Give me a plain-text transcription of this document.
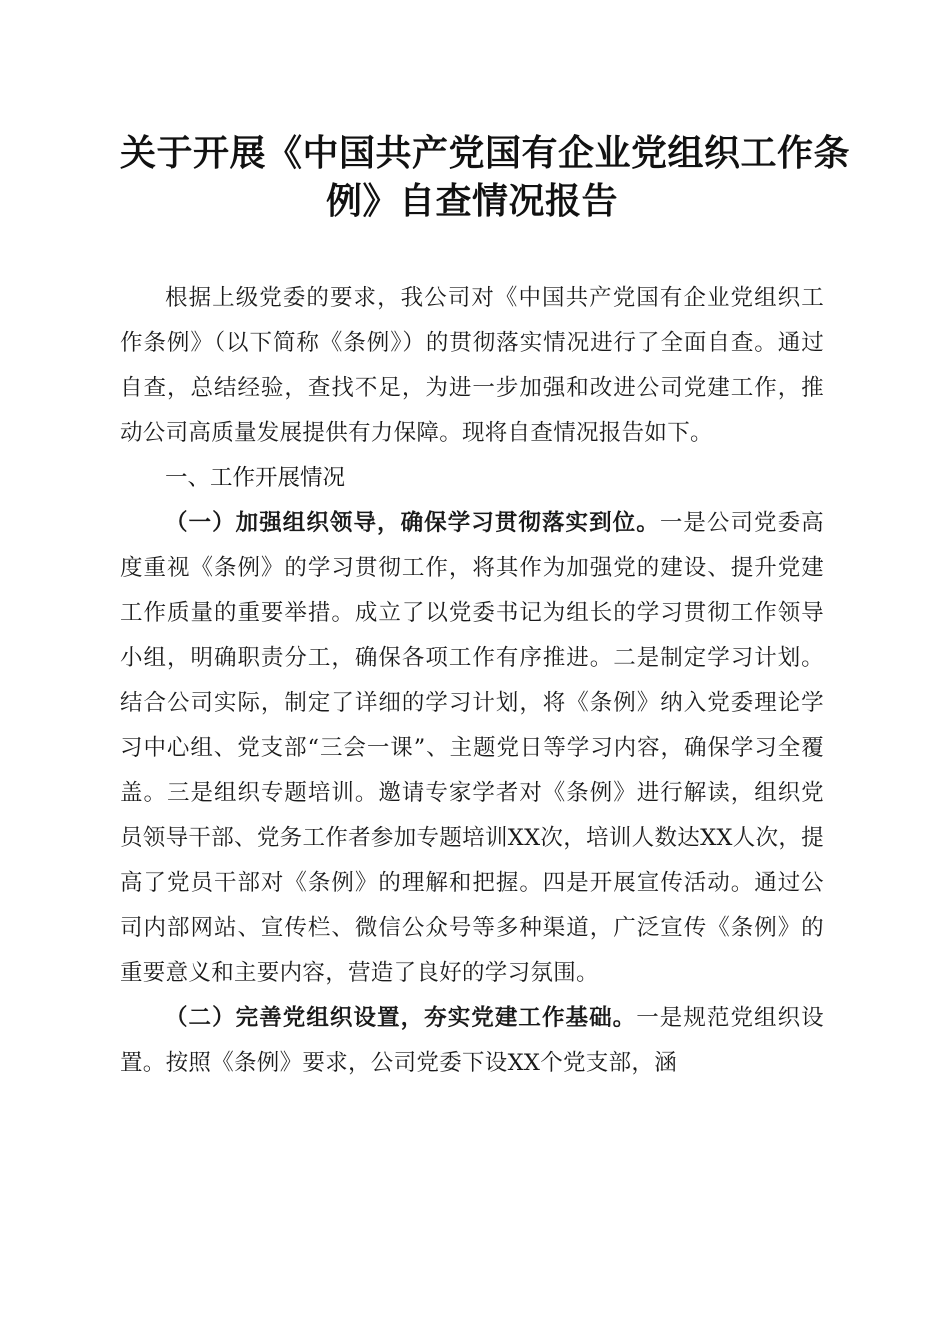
关于开展《中国共产党国有企业党组织工作条
例》自查情况报告

根据上级党委的要求，我公司对《中国共产党国有企业党组织工作条例》（以下简称《条例》）的贯彻落实情况进行了全面自查。通过自查，总结经验，查找不足，为进一步加强和改进公司党建工作，推动公司高质量发展提供有力保障。现将自查情况报告如下。

一、工作开展情况

（一）加强组织领导，确保学习贯彻落实到位。一是公司党委高度重视《条例》的学习贯彻工作，将其作为加强党的建设、提升党建工作质量的重要举措。成立了以党委书记为组长的学习贯彻工作领导小组，明确职责分工，确保各项工作有序推进。二是制定学习计划。结合公司实际，制定了详细的学习计划，将《条例》纳入党委理论学习中心组、党支部“三会一课”、主题党日等学习内容，确保学习全覆盖。三是组织专题培训。邀请专家学者对《条例》进行解读，组织党员领导干部、党务工作者参加专题培训XX次，培训人数达XX人次，提高了党员干部对《条例》的理解和把握。四是开展宣传活动。通过公司内部网站、宣传栏、微信公众号等多种渠道，广泛宣传《条例》的重要意义和主要内容，营造了良好的学习氛围。

（二）完善党组织设置，夯实党建工作基础。一是规范党组织设置。按照《条例》要求，公司党委下设XX个党支部，涵
